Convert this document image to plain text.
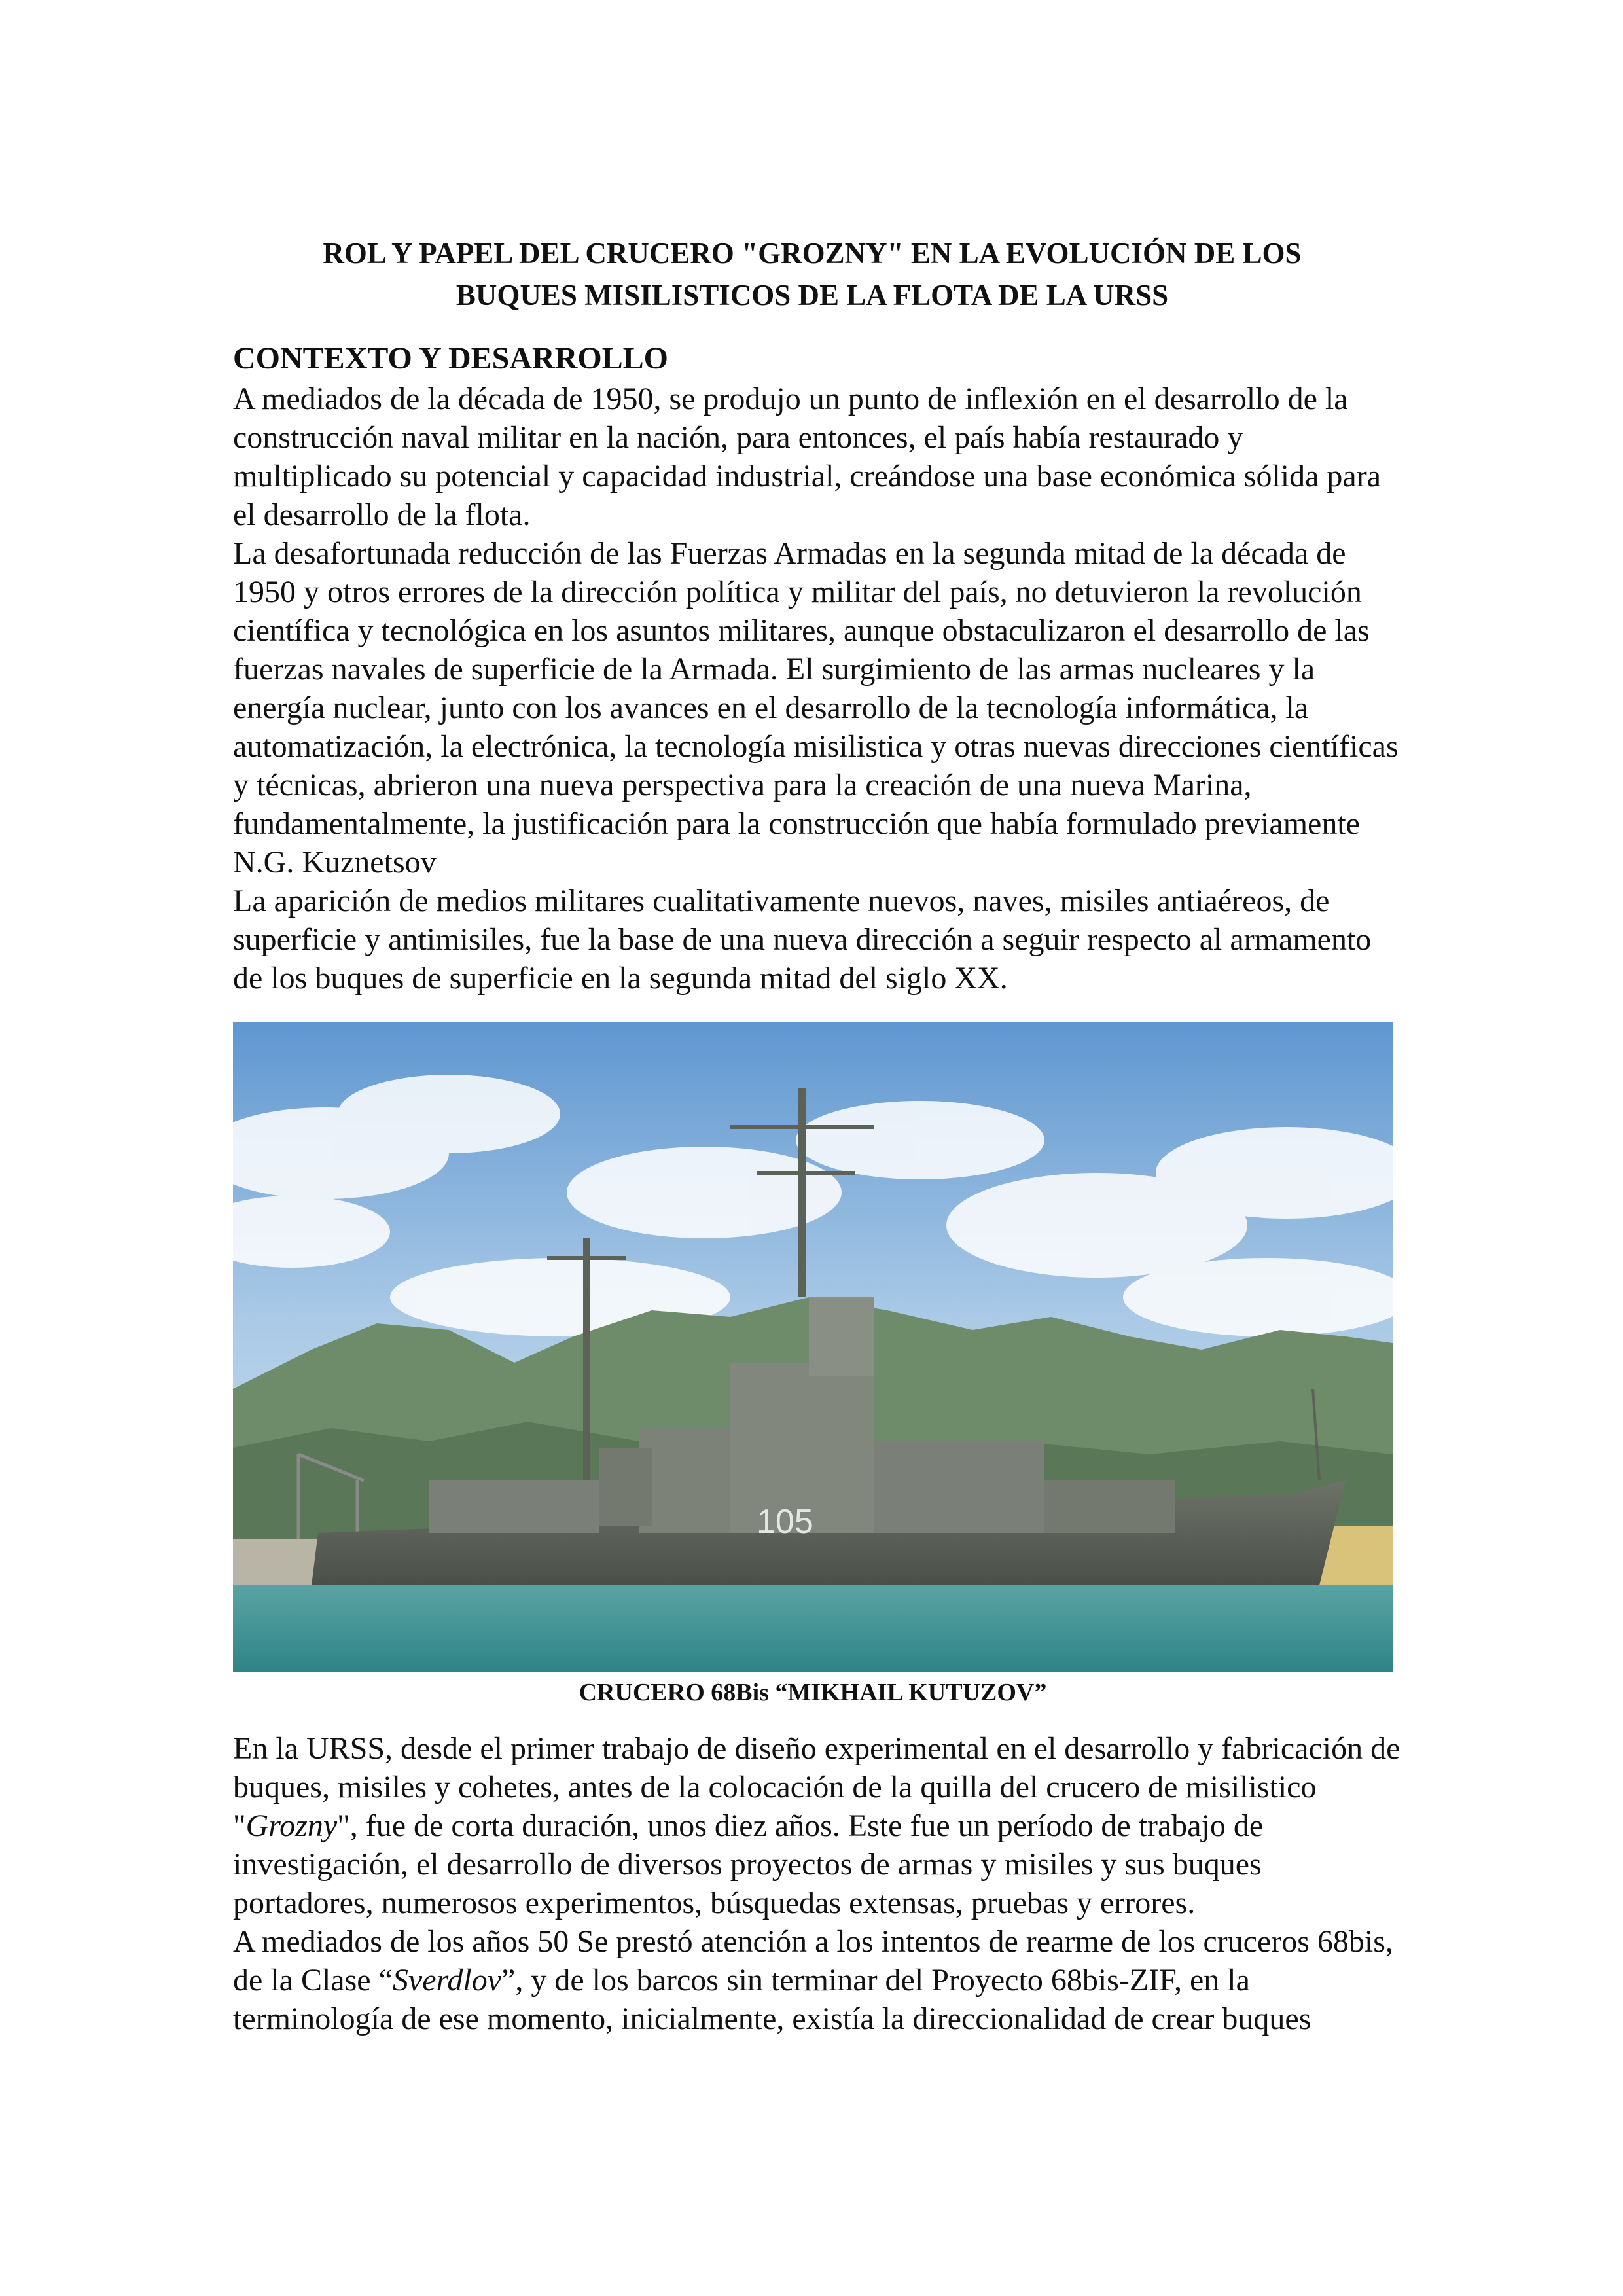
ROL Y PAPEL DEL CRUCERO "GROZNY" EN LA EVOLUCIÓN DE LOS
BUQUES MISILISTICOS DE LA FLOTA DE LA URSS
CONTEXTO Y DESARROLLO

A mediados de la década de 1950, se produjo un punto de inflexión en el desarrollo de la construcción naval militar en la nación, para entonces, el país había restaurado y multiplicado su potencial y capacidad industrial, creándose una base económica sólida para el desarrollo de la flota.

La desafortunada reducción de las Fuerzas Armadas en la segunda mitad de la década de 1950 y otros errores de la dirección política y militar del país, no detuvieron la revolución científica y tecnológica en los asuntos militares, aunque obstaculizaron el desarrollo de las fuerzas navales de superficie de la Armada. El surgimiento de las armas nucleares y la energía nuclear, junto con los avances en el desarrollo de la tecnología informática, la automatización, la electrónica, la tecnología misilistica y otras nuevas direcciones científicas y técnicas, abrieron una nueva perspectiva para la creación de una nueva Marina, fundamentalmente, la justificación para la construcción que había formulado previamente N.G. Kuznetsov

La aparición de medios militares cualitativamente nuevos, naves, misiles antiaéreos, de superficie y antimisiles, fue la base de una nueva dirección a seguir respecto al armamento de los buques de superficie en la segunda mitad del siglo XX.

105

CRUCERO 68Bis “MIKHAIL KUTUZOV”

En la URSS, desde el primer trabajo de diseño experimental en el desarrollo y fabricación de buques, misiles y cohetes, antes de la colocación de la quilla del crucero de misilistico "Grozny", fue de corta duración, unos diez años. Este fue un período de trabajo de investigación, el desarrollo de diversos proyectos de armas y misiles y sus buques portadores, numerosos experimentos, búsquedas extensas, pruebas y errores.

A mediados de los años 50 Se prestó atención a los intentos de rearme de los cruceros 68bis, de la Clase “Sverdlov”, y de los barcos sin terminar del Proyecto 68bis-ZIF, en la terminología de ese momento, inicialmente, existía la direccionalidad de crear buques
